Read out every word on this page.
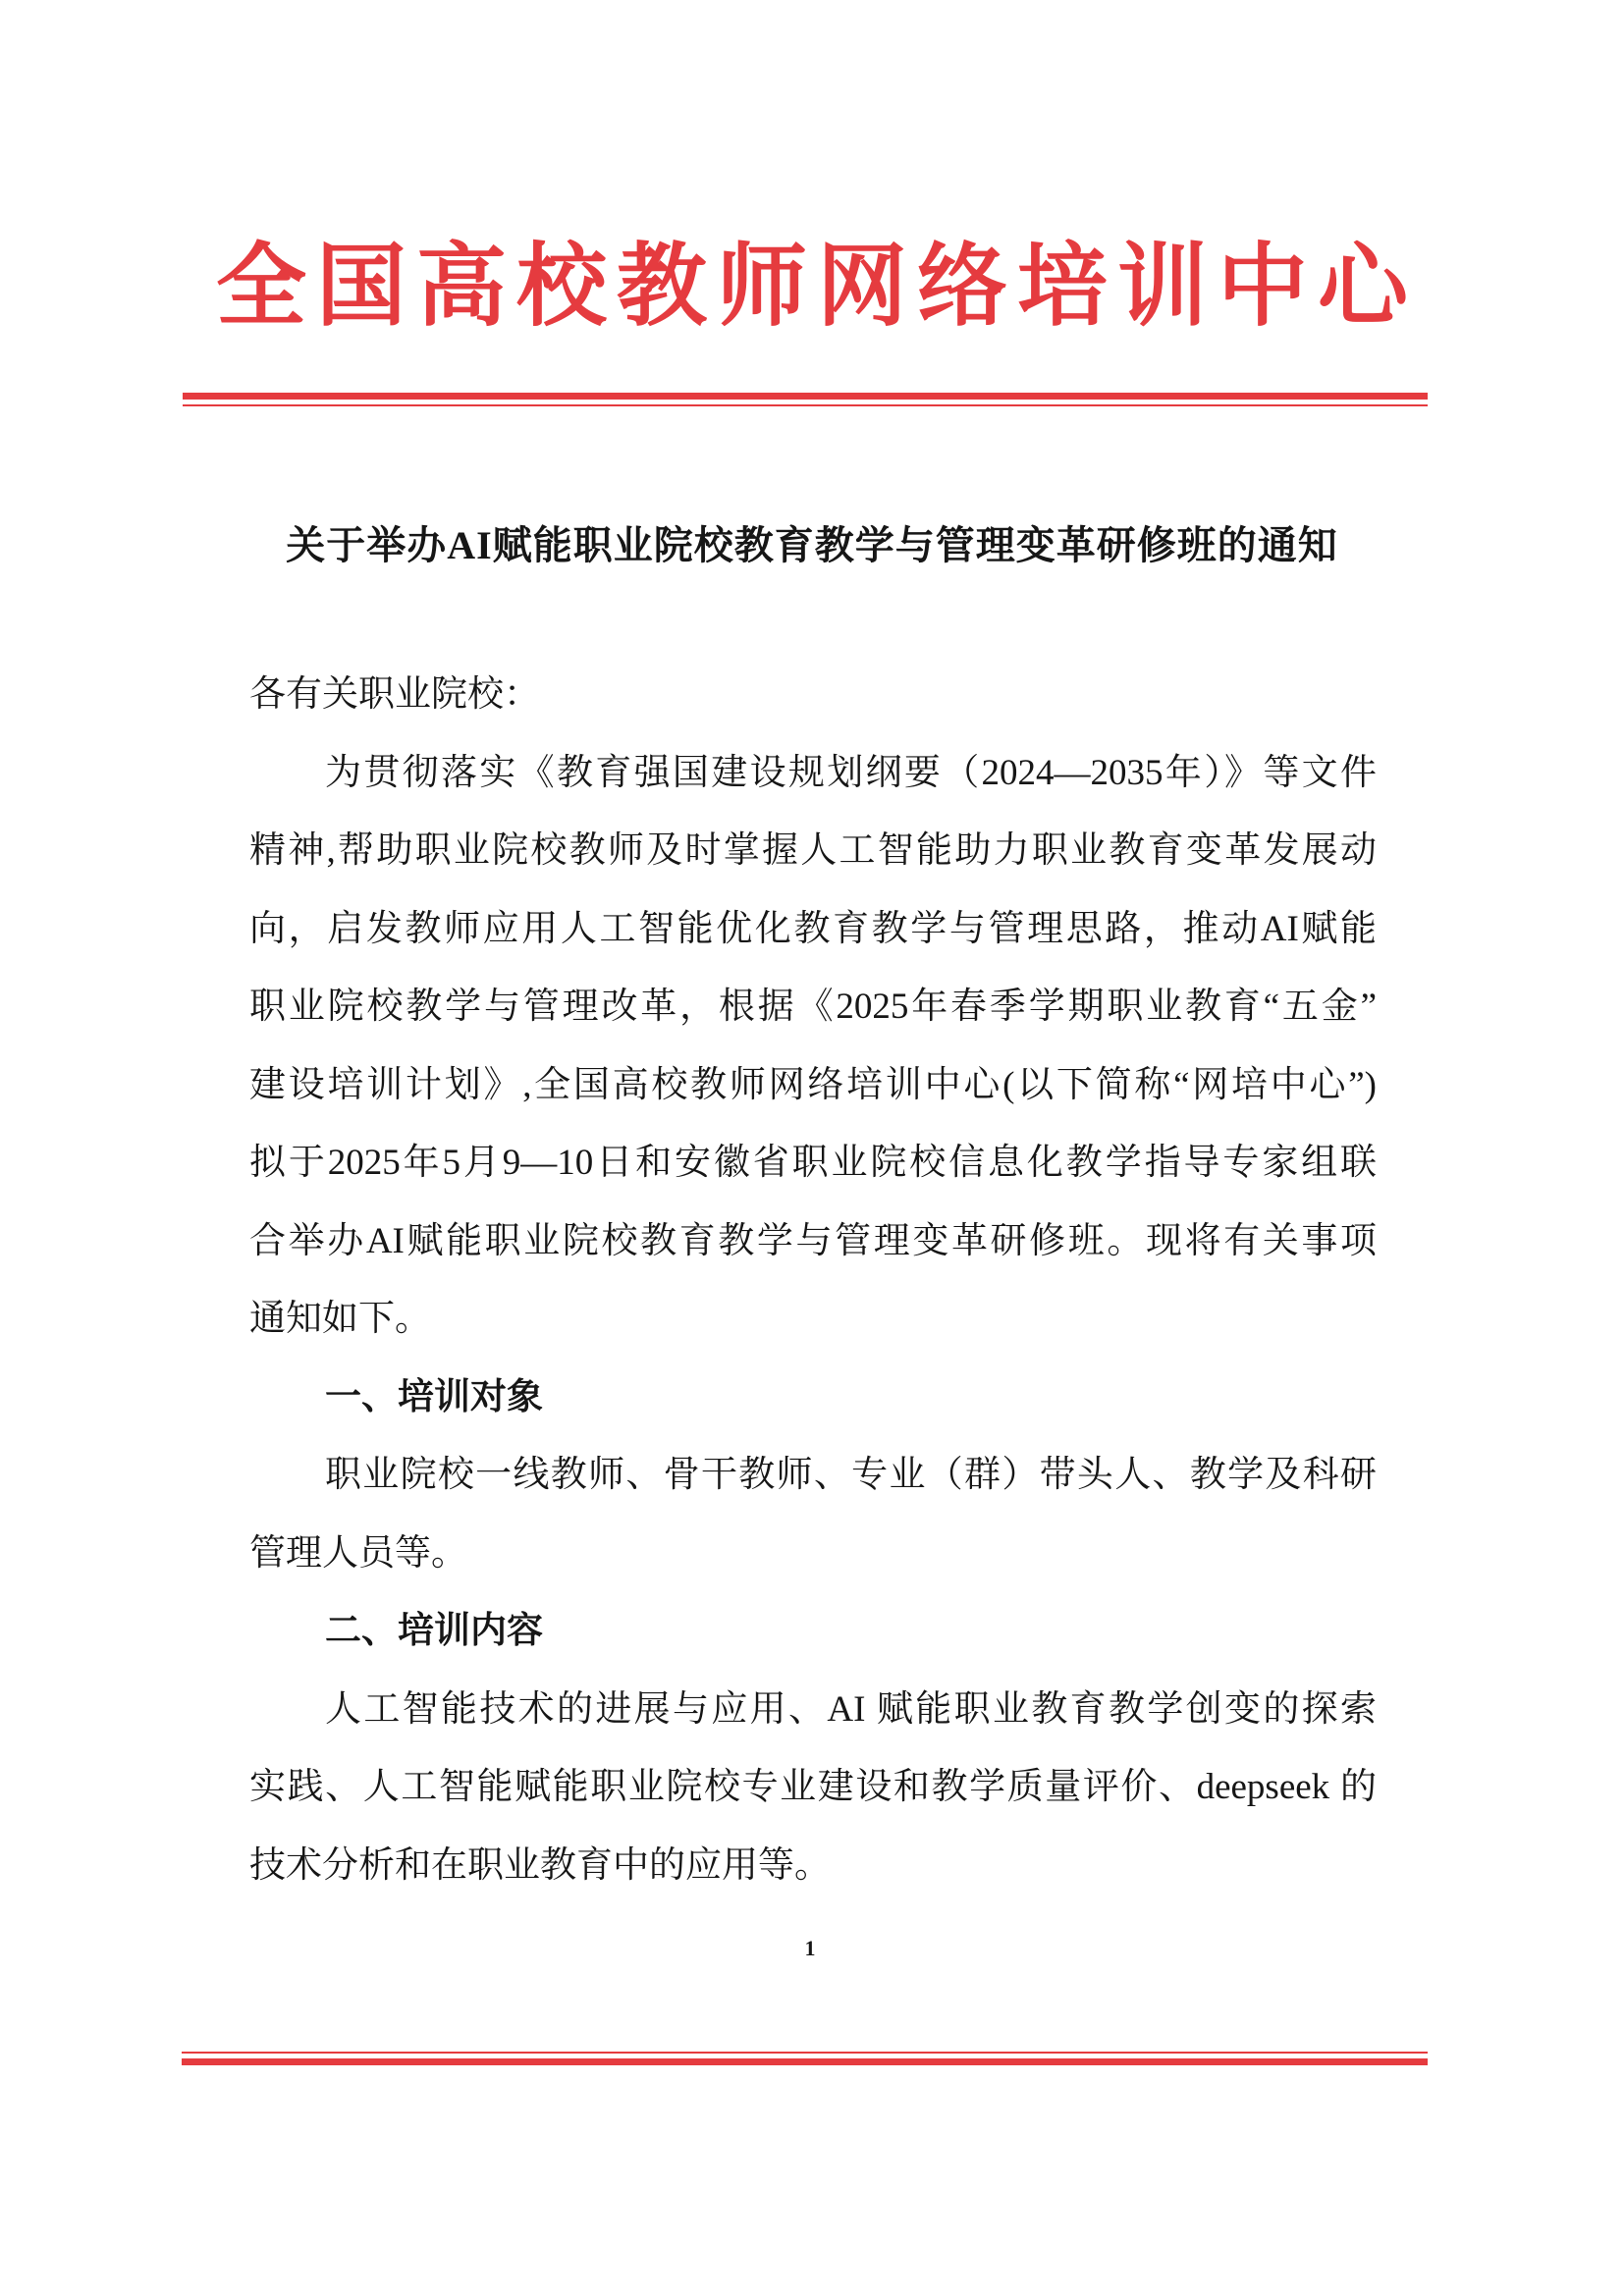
全国高校教师网络培训中心
关于举办AI赋能职业院校教育教学与管理变革研修班的通知
各有关职业院校：
为贯彻落实《教育强国建设规划纲要（2024—2035年）》等文件
精神,帮助职业院校教师及时掌握人工智能助力职业教育变革发展动
向，启发教师应用人工智能优化教育教学与管理思路，推动AI赋能
职业院校教学与管理改革，根据《2025年春季学期职业教育“五金”
建设培训计划》,全国高校教师网络培训中心(以下简称“网培中心”)
拟于2025年5月9—10日和安徽省职业院校信息化教学指导专家组联
合举办AI赋能职业院校教育教学与管理变革研修班。现将有关事项
通知如下。
一、培训对象
职业院校一线教师、骨干教师、专业（群）带头人、教学及科研
管理人员等。
二、培训内容
人工智能技术的进展与应用、AI 赋能职业教育教学创变的探索
实践、人工智能赋能职业院校专业建设和教学质量评价、deepseek 的
技术分析和在职业教育中的应用等。
1
